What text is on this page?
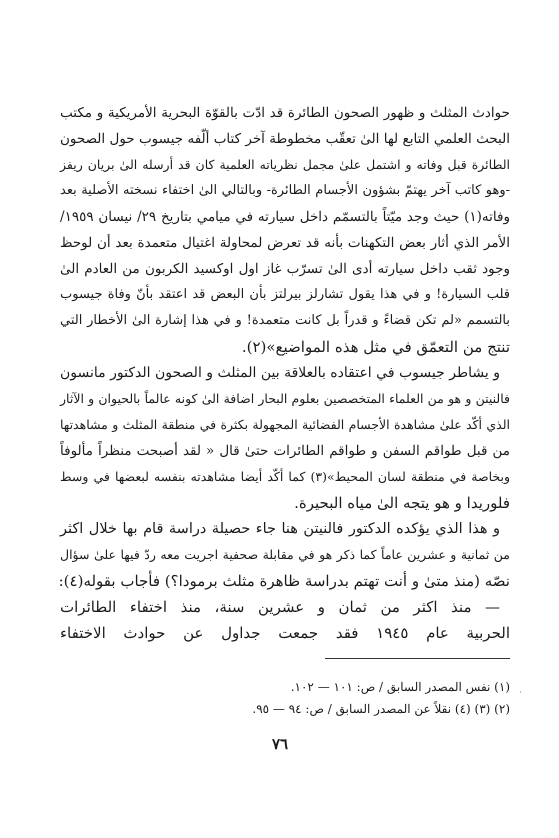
حوادث المثلث و ظهور الصحون الطائرة قد ادّت بالقوّة البحرية الأمريكية و مكتب
البحث العلمي التابع لها الىٰ تعقّب مخطوطة آخر كتاب ألّفه جيسوب حول الصحون
الطائرة قبل وفاته و اشتمل علىٰ مجمل نظرياته العلمية كان قد أرسله الىٰ بريان ريفز
-وهو كاتب آخر يهتمّ بشؤون الأجسام الطائرة- وبالتالي الىٰ اختفاء نسخته الأصلية بعد
وفاته(١) حيث وجد ميّتاً بالتسمّم داخل سيارته في ميامي بتاريخ ٢٩/ نيسان ١٩٥٩/
الأمر الذي أثار بعض التكهنات بأنه قد تعرض لمحاولة اغتيال متعمدة بعد أن لوحظ
وجود ثقب داخل سيارته أدى الىٰ تسرّب غاز اول اوكسيد الكربون من العادم الىٰ
قلب السيارة! و في هذا يقول تشارلز بيرلتز بأن البعض قد اعتقد بأنّ وفاة جيسوب
بالتسمم «لم تكن قضاءً و قدراً بل كانت متعمدة! و في هذا إشارة الىٰ الأخطار التي
تنتج من التعمّق في مثل هذه المواضيع»(٢).
و يشاطر جيسوب في اعتقاده بالعلاقة بين المثلث و الصحون الدكتور مانسون
فالنيتن و هو من العلماء المتخصصين بعلوم البحار اضافة الىٰ كونه عالماً بالحيوان و الآثار
الذي أكّد علىٰ مشاهدة الأجسام الفضائية المجهولة بكثرة في منطقة المثلث و مشاهدتها
من قبل طواقم السفن و طواقم الطائرات حتىٰ قال « لقد أصبحت منظراً مألوفاً
وبخاصة في منطقة لسان المحيط»(٣) كما أكّد أيضا مشاهدته بنفسه لبعضها في وسط
فلوريدا و هو يتجه الىٰ مياه البحيرة.
و هذا الذي يؤكده الدكتور فالنيتن هنا جاء حصيلة دراسة قام بها خلال اكثر
من ثمانية و عشرين عاماً كما ذكر هو في مقابلة صحفية اجريت معه ردّ فيها علىٰ سؤال
نصّه (منذ متىٰ و أنت تهتم بدراسة ظاهرة مثلث برمودا؟) فأجاب بقوله(٤):
— منذ اكثر من ثمان و عشرين سنة، منذ اختفاء الطائرات
الحربية عام ١٩٤٥ فقد جمعت جداول عن حوادث الاختفاء
(١) نفس المصدر السابق / ص: ١٠١ — ١٠٢.
(٢) (٣) (٤) نقلاً عن المصدر السابق / ص: ٩٤ — ٩٥.
٧٦
·
